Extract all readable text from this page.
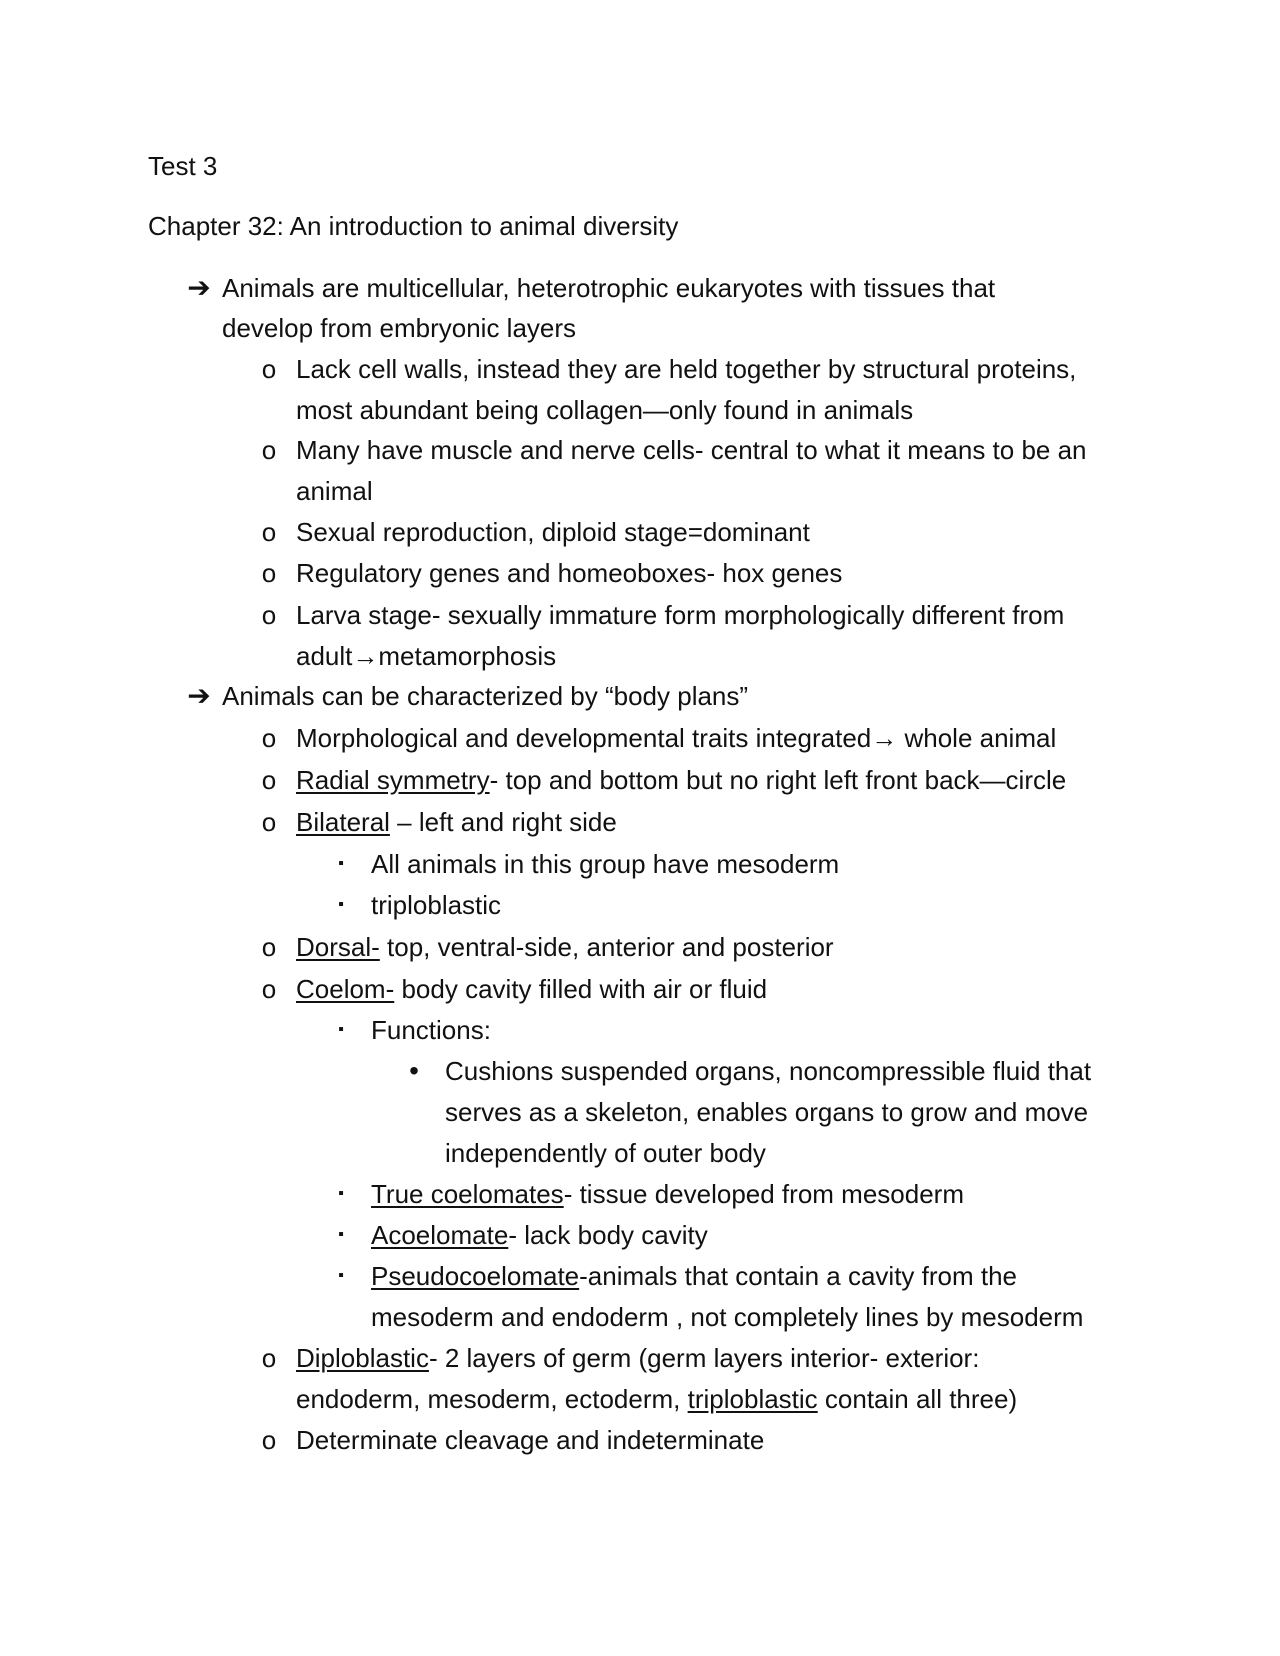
Test 3

Chapter 32: An introduction to animal diversity

➔ Animals are multicellular, heterotrophic eukaryotes with tissues that

develop from embryonic layers

o Lack cell walls, instead they are held together by structural proteins,

most abundant being collagen—only found in animals

o Many have muscle and nerve cells- central to what it means to be an

animal

o Sexual reproduction, diploid stage=dominant

o Regulatory genes and homeoboxes- hox genes

o Larva stage- sexually immature form morphologically different from

adult→metamorphosis

➔ Animals can be characterized by “body plans”

o Morphological and developmental traits integrated→ whole animal

o Radial symmetry- top and bottom but no right left front back—circle

o Bilateral – left and right side

▪ All animals in this group have mesoderm

▪ triploblastic

o Dorsal- top, ventral-side, anterior and posterior

o Coelom- body cavity filled with air or fluid

▪ Functions:

• Cushions suspended organs, noncompressible fluid that

serves as a skeleton, enables organs to grow and move

independently of outer body

▪ True coelomates- tissue developed from mesoderm

▪ Acoelomate- lack body cavity

▪ Pseudocoelomate-animals that contain a cavity from the

mesoderm and endoderm , not completely lines by mesoderm

o Diploblastic- 2 layers of germ (germ layers interior- exterior:

endoderm, mesoderm, ectoderm, triploblastic contain all three)

o Determinate cleavage and indeterminate
